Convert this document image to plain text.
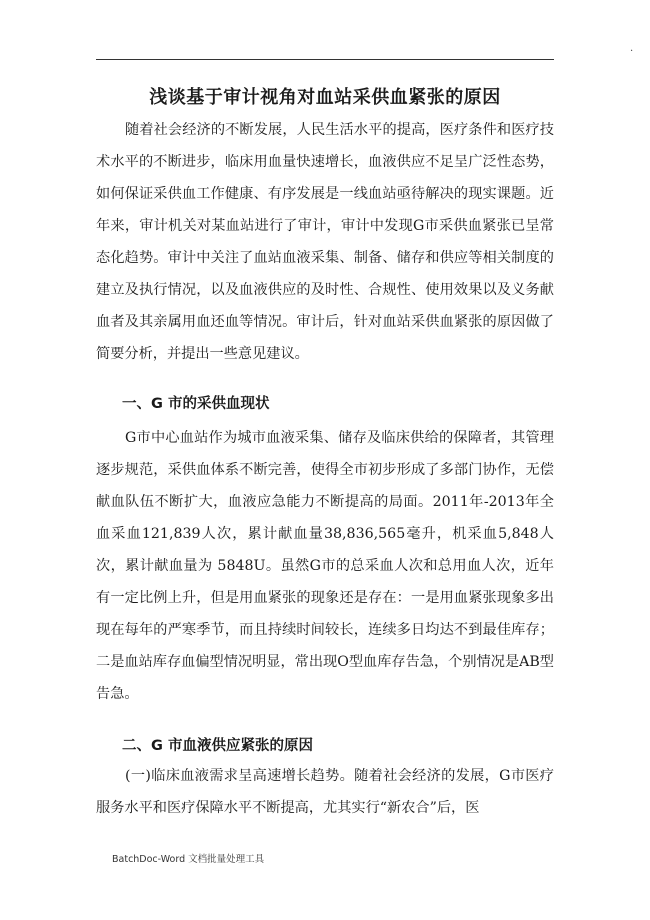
.
浅谈基于审计视角对血站采供血紧张的原因

随着社会经济的不断发展，人民生活水平的提高，医疗条件和医疗技术水平的不断进步，临床用血量快速增长，血液供应不足呈广泛性态势，如何保证采供血工作健康、有序发展是一线血站亟待解决的现实课题。近年来，审计机关对某血站进行了审计，审计中发现G市采供血紧张已呈常态化趋势。审计中关注了血站血液采集、制备、储存和供应等相关制度的建立及执行情况，以及血液供应的及时性、合规性、使用效果以及义务献血者及其亲属用血还血等情况。审计后，针对血站采供血紧张的原因做了简要分析，并提出一些意见建议。

一、G 市的采供血现状

G市中心血站作为城市血液采集、储存及临床供给的保障者，其管理逐步规范，采供血体系不断完善，使得全市初步形成了多部门协作，无偿献血队伍不断扩大，血液应急能力不断提高的局面。2011年-2013年全血采血121,839人次，累计献血量38,836,565毫升，机采血5,848人次，累计献血量为 5848U。虽然G市的总采血人次和总用血人次，近年有一定比例上升，但是用血紧张的现象还是存在：一是用血紧张现象多出现在每年的严寒季节，而且持续时间较长，连续多日均达不到最佳库存；二是血站库存血偏型情况明显，常出现O型血库存告急，个别情况是AB型告急。

二、G 市血液供应紧张的原因

(一)临床血液需求呈高速增长趋势。随着社会经济的发展，G市医疗服务水平和医疗保障水平不断提高，尤其实行“新农合”后，医

BatchDoc-Word 文档批量处理工具
